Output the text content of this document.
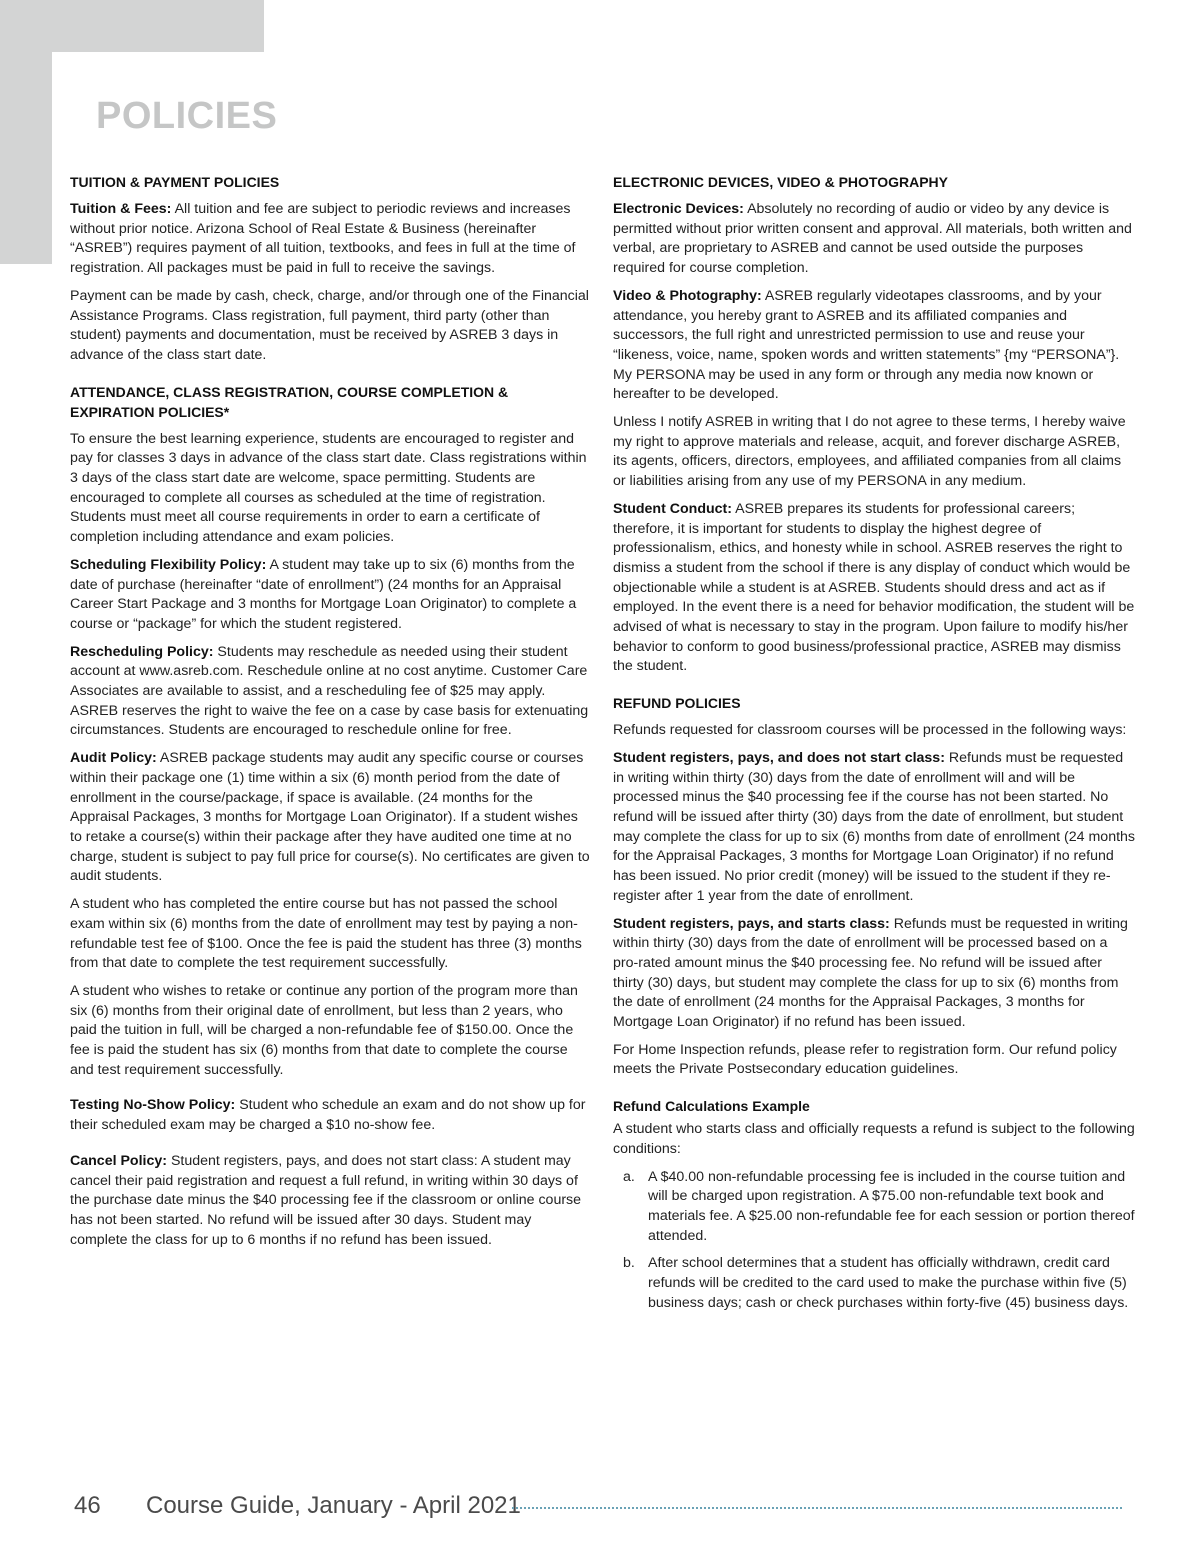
POLICIES
TUITION & PAYMENT POLICIES

Tuition & Fees: All tuition and fee are subject to periodic reviews and increases without prior notice. Arizona School of Real Estate & Business (hereinafter “ASREB”) requires payment of all tuition, textbooks, and fees in full at the time of registration. All packages must be paid in full to receive the savings.

Payment can be made by cash, check, charge, and/or through one of the Financial Assistance Programs. Class registration, full payment, third party (other than student) payments and documentation, must be received by ASREB 3 days in advance of the class start date.

ATTENDANCE, CLASS REGISTRATION, COURSE COMPLETION & EXPIRATION POLICIES*

To ensure the best learning experience, students are encouraged to register and pay for classes 3 days in advance of the class start date. Class registrations within 3 days of the class start date are welcome, space permitting. Students are encouraged to complete all courses as scheduled at the time of registration. Students must meet all course requirements in order to earn a certificate of completion including attendance and exam policies.

Scheduling Flexibility Policy: A student may take up to six (6) months from the date of purchase (hereinafter “date of enrollment”) (24 months for an Appraisal Career Start Package and 3 months for Mortgage Loan Originator) to complete a course or “package” for which the student registered.

Rescheduling Policy: Students may reschedule as needed using their student account at www.asreb.com. Reschedule online at no cost anytime. Customer Care Associates are available to assist, and a rescheduling fee of $25 may apply. ASREB reserves the right to waive the fee on a case by case basis for extenuating circumstances. Students are encouraged to reschedule online for free.

Audit Policy: ASREB package students may audit any specific course or courses within their package one (1) time within a six (6) month period from the date of enrollment in the course/package, if space is available. (24 months for the Appraisal Packages, 3 months for Mortgage Loan Originator). If a student wishes to retake a course(s) within their package after they have audited one time at no charge, student is subject to pay full price for course(s). No certificates are given to audit students.

A student who has completed the entire course but has not passed the school exam within six (6) months from the date of enrollment may test by paying a non-refundable test fee of $100. Once the fee is paid the student has three (3) months from that date to complete the test requirement successfully.

A student who wishes to retake or continue any portion of the program more than six (6) months from their original date of enrollment, but less than 2 years, who paid the tuition in full, will be charged a non-refundable fee of $150.00. Once the fee is paid the student has six (6) months from that date to complete the course and test requirement successfully.

Testing No-Show Policy: Student who schedule an exam and do not show up for their scheduled exam may be charged a $10 no-show fee.

Cancel Policy: Student registers, pays, and does not start class: A student may cancel their paid registration and request a full refund, in writing within 30 days of the purchase date minus the $40 processing fee if the classroom or online course has not been started. No refund will be issued after 30 days. Student may complete the class for up to 6 months if no refund has been issued.

ELECTRONIC DEVICES, VIDEO & PHOTOGRAPHY

Electronic Devices: Absolutely no recording of audio or video by any device is permitted without prior written consent and approval. All materials, both written and verbal, are proprietary to ASREB and cannot be used outside the purposes required for course completion.

Video & Photography: ASREB regularly videotapes classrooms, and by your attendance, you hereby grant to ASREB and its affiliated companies and successors, the full right and unrestricted permission to use and reuse your “likeness, voice, name, spoken words and written statements” {my “PERSONA”}. My PERSONA may be used in any form or through any media now known or hereafter to be developed.

Unless I notify ASREB in writing that I do not agree to these terms, I hereby waive my right to approve materials and release, acquit, and forever discharge ASREB, its agents, officers, directors, employees, and affiliated companies from all claims or liabilities arising from any use of my PERSONA in any medium.

Student Conduct: ASREB prepares its students for professional careers; therefore, it is important for students to display the highest degree of professionalism, ethics, and honesty while in school. ASREB reserves the right to dismiss a student from the school if there is any display of conduct which would be objectionable while a student is at ASREB. Students should dress and act as if employed. In the event there is a need for behavior modification, the student will be advised of what is necessary to stay in the program. Upon failure to modify his/her behavior to conform to good business/professional practice, ASREB may dismiss the student.

REFUND POLICIES

Refunds requested for classroom courses will be processed in the following ways:

Student registers, pays, and does not start class: Refunds must be requested in writing within thirty (30) days from the date of enrollment will and will be processed minus the $40 processing fee if the course has not been started. No refund will be issued after thirty (30) days from the date of enrollment, but student may complete the class for up to six (6) months from date of enrollment (24 months for the Appraisal Packages, 3 months for Mortgage Loan Originator) if no refund has been issued. No prior credit (money) will be issued to the student if they re-register after 1 year from the date of enrollment.

Student registers, pays, and starts class: Refunds must be requested in writing within thirty (30) days from the date of enrollment will be processed based on a pro-rated amount minus the $40 processing fee. No refund will be issued after thirty (30) days, but student may complete the class for up to six (6) months from the date of enrollment (24 months for the Appraisal Packages, 3 months for Mortgage Loan Originator) if no refund has been issued.

For Home Inspection refunds, please refer to registration form. Our refund policy meets the Private Postsecondary education guidelines.

Refund Calculations Example

A student who starts class and officially requests a refund is subject to the following conditions:

a. A $40.00 non-refundable processing fee is included in the course tuition and will be charged upon registration. A $75.00 non-refundable text book and materials fee. A $25.00 non-refundable fee for each session or portion thereof attended.
b. After school determines that a student has officially withdrawn, credit card refunds will be credited to the card used to make the purchase within five (5) business days; cash or check purchases within forty-five (45) business days.
46 Course Guide, January - April 2021
